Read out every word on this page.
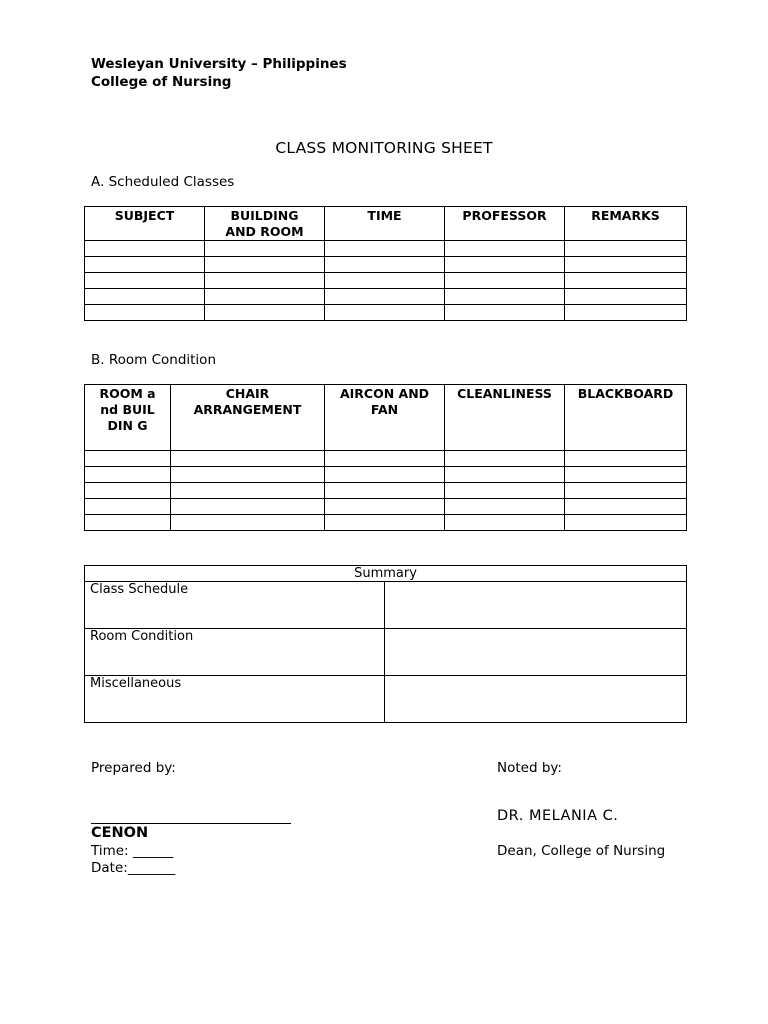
Wesleyan University – Philippines
College of Nursing
CLASS MONITORING SHEET
A. Scheduled Classes
SUBJECT	BUILDING AND ROOM	TIME	PROFESSOR	REMARKS

B. Room Condition
ROOM and BUILDIN G	CHAIR ARRANGEMENT	AIRCON AND FAN	CLEANLINESS	BLACKBOARD

Summary	
Class Schedule	
Room Condition	
Miscellaneous	
Prepared by:
CENON
Time: ______
Date:_______
Noted by:
DR. MELANIA C.
Dean, College of Nursing
